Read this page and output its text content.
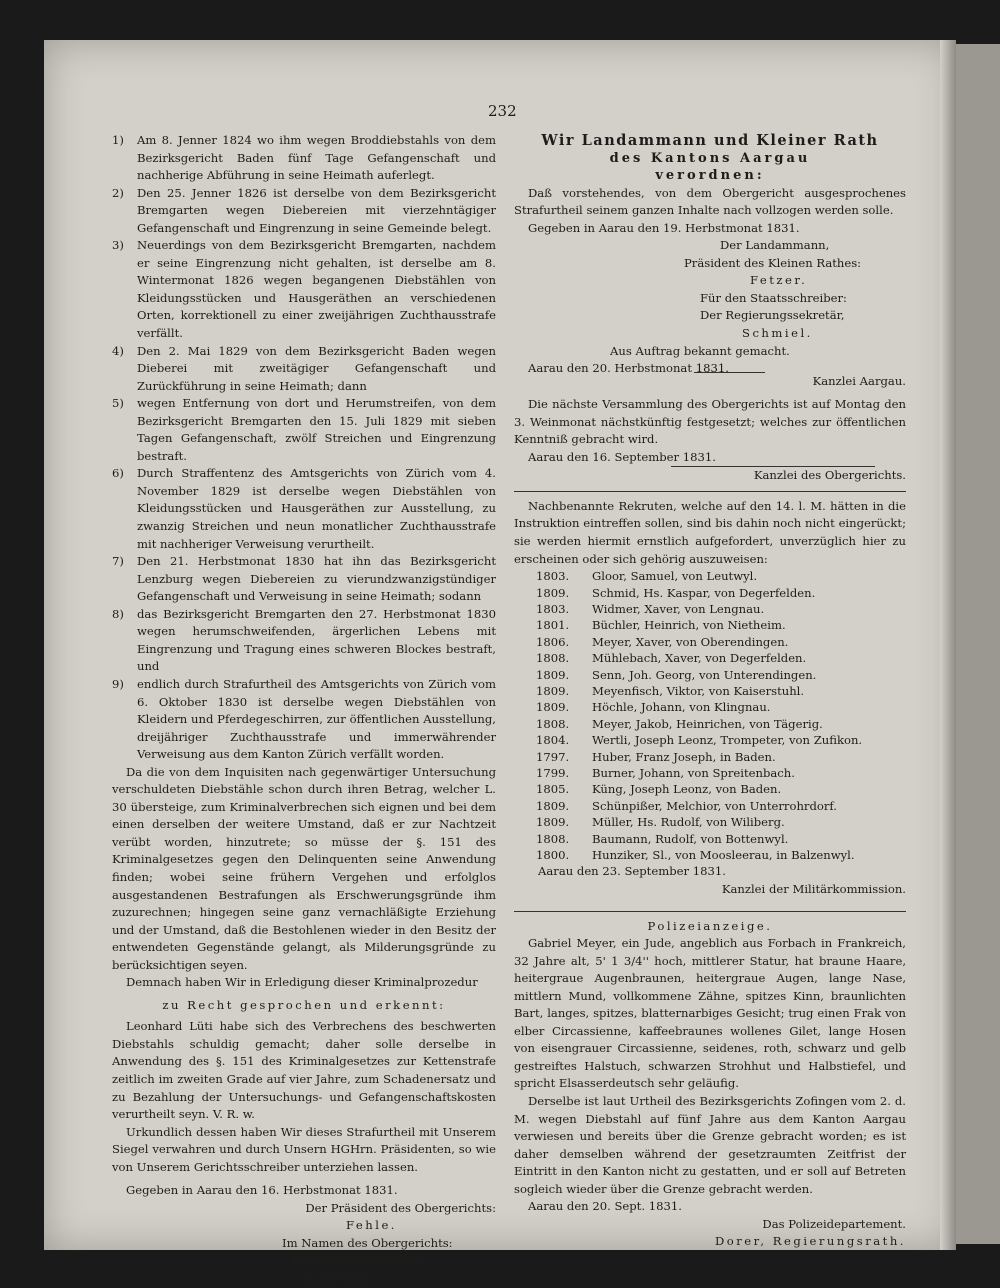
232
1)	Am 8. Jenner 1824 wo ihm wegen Broddiebstahls von dem Bezirksgericht Baden fünf Tage Gefangenschaft und nachherige Abführung in seine Heimath auferlegt.
2)	Den 25. Jenner 1826 ist derselbe von dem Bezirksgericht Bremgarten wegen Diebereien mit vierzehntägiger Gefangenschaft und Eingrenzung in seine Gemeinde belegt.
3)	Neuerdings von dem Bezirksgericht Bremgarten, nachdem er seine Eingrenzung nicht gehalten, ist derselbe am 8. Wintermonat 1826 wegen begangenen Diebstählen von Kleidungsstücken und Hausgeräthen an verschiedenen Orten, korrektionell zu einer zweijährigen Zuchthausstrafe verfällt.
4)	Den 2. Mai 1829 von dem Bezirksgericht Baden wegen Dieberei mit zweitägiger Gefangenschaft und Zurückführung in seine Heimath; dann
5)	wegen Entfernung von dort und Herumstreifen, von dem Bezirksgericht Bremgarten den 15. Juli 1829 mit sieben Tagen Gefangenschaft, zwölf Streichen und Eingrenzung bestraft.
6)	Durch Straffentenz des Amtsgerichts von Zürich vom 4. November 1829 ist derselbe wegen Diebstählen von Kleidungsstücken und Hausgeräthen zur Ausstellung, zu zwanzig Streichen und neun monatlicher Zuchthausstrafe mit nachheriger Verweisung verurtheilt.
7)	Den 21. Herbstmonat 1830 hat ihn das Bezirksgericht Lenzburg wegen Diebereien zu vierundzwanzigstündiger Gefangenschaft und Verweisung in seine Heimath; sodann
8)	das Bezirksgericht Bremgarten den 27. Herbstmonat 1830 wegen herumschweifenden, ärgerlichen Lebens mit Eingrenzung und Tragung eines schweren Blockes bestraft, und
9)	endlich durch Strafurtheil des Amtsgerichts von Zürich vom 6. Oktober 1830 ist derselbe wegen Diebstählen von Kleidern und Pferdegeschirren, zur öffentlichen Ausstellung, dreijähriger Zuchthausstrafe und immerwährender Verweisung aus dem Kanton Zürich verfällt worden.

Da die von dem Inquisiten nach gegenwärtiger Untersuchung verschuldeten Diebstähle schon durch ihren Betrag, welcher L. 30 übersteige, zum Kriminalverbrechen sich eignen und bei dem einen derselben der weitere Umstand, daß er zur Nachtzeit verübt worden, hinzutrete; so müsse der §. 151 des Kriminalgesetzes gegen den Delinquenten seine Anwendung finden; wobei seine frühern Vergehen und erfolglos ausgestandenen Bestrafungen als Erschwerungsgründe ihm zuzurechnen; hingegen seine ganz vernachläßigte Erziehung und der Umstand, daß die Bestohlenen wieder in den Besitz der entwendeten Gegenstände gelangt, als Milderungsgründe zu berücksichtigen seyen.

Demnach haben Wir in Erledigung dieser Kriminalprozedur

zu Recht gesprochen und erkennt:

Leonhard Lüti habe sich des Verbrechens des beschwerten Diebstahls schuldig gemacht; daher solle derselbe in Anwendung des §. 151 des Kriminalgesetzes zur Kettenstrafe zeitlich im zweiten Grade auf vier Jahre, zum Schadenersatz und zu Bezahlung der Untersuchungs- und Gefangenschaftskosten verurtheilt seyn. V. R. w.

Urkundlich dessen haben Wir dieses Strafurtheil mit Unserem Siegel verwahren und durch Unsern HGHrn. Präsidenten, so wie von Unserem Gerichtsschreiber unterziehen lassen.

Gegeben in Aarau den 16. Herbstmonat 1831.

Der Präsident des Obergerichts:

Fehle.

Im Namen des Obergerichts:

Der Gerichtsschreiber,

L. Dietiker.

Wir Landammann und Kleiner Rath

des Kantons Aargau

verordnen:

Daß vorstehendes, von dem Obergericht ausgesprochenes Strafurtheil seinem ganzen Inhalte nach vollzogen werden solle.

Gegeben in Aarau den 19. Herbstmonat 1831.

Der Landammann,

Präsident des Kleinen Rathes:

Fetzer.

Für den Staatsschreiber:

Der Regierungssekretär,

Schmiel.

Aus Auftrag bekannt gemacht.

Aarau den 20. Herbstmonat 1831.

Kanzlei Aargau.

Die nächste Versammlung des Obergerichts ist auf Montag den 3. Weinmonat nächstkünftig festgesetzt; welches zur öffentlichen Kenntniß gebracht wird.

Aarau den 16. September 1831.

Kanzlei des Obergerichts.

Nachbenannte Rekruten, welche auf den 14. l. M. hätten in die Instruktion eintreffen sollen, sind bis dahin noch nicht eingerückt; sie werden hiermit ernstlich aufgefordert, unverzüglich hier zu erscheinen oder sich gehörig auszuweisen:

1803.	Gloor, Samuel, von Leutwyl.
1809.	Schmid, Hs. Kaspar, von Degerfelden.
1803.	Widmer, Xaver, von Lengnau.
1801.	Büchler, Heinrich, von Nietheim.
1806.	Meyer, Xaver, von Oberendingen.
1808.	Mühlebach, Xaver, von Degerfelden.
1809.	Senn, Joh. Georg, von Unterendingen.
1809.	Meyenfisch, Viktor, von Kaiserstuhl.
1809.	Höchle, Johann, von Klingnau.
1808.	Meyer, Jakob, Heinrichen, von Tägerig.
1804.	Wertli, Joseph Leonz, Trompeter, von Zufikon.
1797.	Huber, Franz Joseph, in Baden.
1799.	Burner, Johann, von Spreitenbach.
1805.	Küng, Joseph Leonz, von Baden.
1809.	Schünpißer, Melchior, von Unterrohrdorf.
1809.	Müller, Hs. Rudolf, von Wiliberg.
1808.	Baumann, Rudolf, von Bottenwyl.
1800.	Hunziker, Sl., von Moosleerau, in Balzenwyl.

Aarau den 23. September 1831.

Kanzlei der Militärkommission.

Polizeianzeige.

Gabriel Meyer, ein Jude, angeblich aus Forbach in Frankreich, 32 Jahre alt, 5' 1 3/4'' hoch, mittlerer Statur, hat braune Haare, heitergraue Augenbraunen, heitergraue Augen, lange Nase, mittlern Mund, vollkommene Zähne, spitzes Kinn, braunlichten Bart, langes, spitzes, blatternarbiges Gesicht; trug einen Frak von elber Circassienne, kaffeebraunes wollenes Gilet, lange Hosen von eisengrauer Circassienne, seidenes, roth, schwarz und gelb gestreiftes Halstuch, schwarzen Strohhut und Halbstiefel, und spricht Elsasserdeutsch sehr geläufig.

Derselbe ist laut Urtheil des Bezirksgerichts Zofingen vom 2. d. M. wegen Diebstahl auf fünf Jahre aus dem Kanton Aargau verwiesen und bereits über die Grenze gebracht worden; es ist daher demselben während der gesetzraumten Zeitfrist der Eintritt in den Kanton nicht zu gestatten, und er soll auf Betreten sogleich wieder über die Grenze gebracht werden.

Aarau den 20. Sept. 1831.

Das Polizeidepartement.

Dorer, Regierungsrath.
